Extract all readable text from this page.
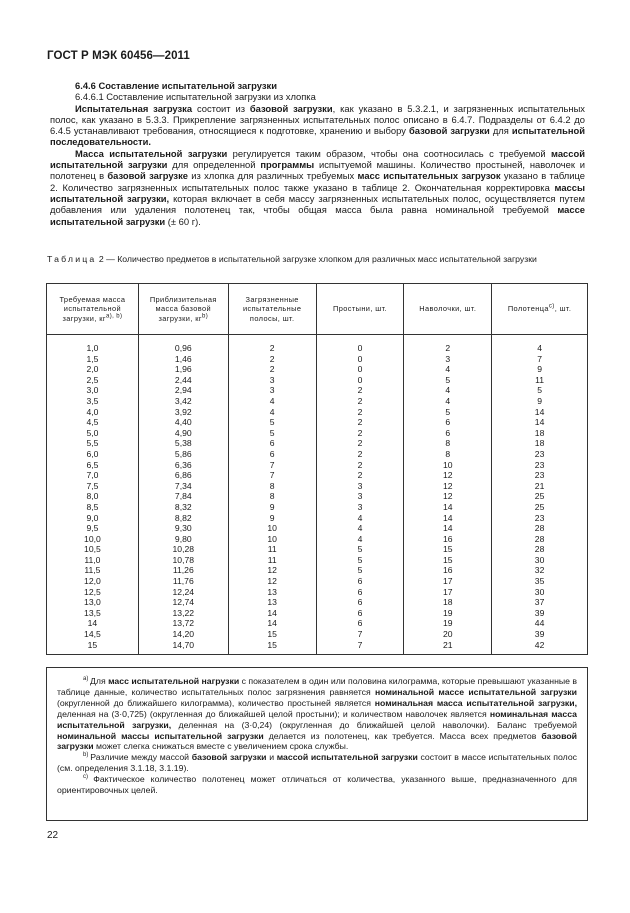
ГОСТ Р МЭК 60456—2011
6.4.6 Составление испытательной загрузки
6.4.6.1 Составление испытательной загрузки из хлопка

Испытательная загрузка состоит из базовой загрузки, как указано в 5.3.2.1, и загрязненных испытательных полос, как указано в 5.3.3. Прикрепление загрязненных испытательных полос описано в 6.4.7. Подразделы от 6.4.2 до 6.4.5 устанавливают требования, относящиеся к подготовке, хранению и выбору базовой загрузки для испытательной последовательности.

Масса испытательной загрузки регулируется таким образом, чтобы она соотносилась с требуемой массой испытательной загрузки для определенной программы испытуемой машины. Количество простыней, наволочек и полотенец в базовой загрузке из хлопка для различных требуемых масс испытательных загрузок указано в таблице 2. Количество загрязненных испытательных полос также указано в таблице 2. Окончательная корректировка массы испытательной загрузки, которая включает в себя массу загрязненных испытательных полос, осуществляется путем добавления или удаления полотенец так, чтобы общая масса была равна номинальной требуемой массе испытательной загрузки (± 60 г).

Таблица 2 — Количество предметов в испытательной загрузке хлопком для различных масс испытательной загрузки
Требуемая масса испытательной загрузки, $кг^{а), b)}$	Приблизительная масса базовой загрузки, $кг^{b)}$	Загрязненные испытательные полосы, шт.	Простыни, шт.	Наволочки, шт.	Полотенца$^{с)}$, шт.
1,0	0,96	2	0	2	4
1,5	1,46	2	0	3	7
2,0	1,96	2	0	4	9
2,5	2,44	3	0	5	11
3,0	2,94	3	2	4	5
3,5	3,42	4	2	4	9
4,0	3,92	4	2	5	14
4,5	4,40	5	2	6	14
5,0	4,90	5	2	6	18
5,5	5,38	6	2	8	18
6,0	5,86	6	2	8	23
6,5	6,36	7	2	10	23
7,0	6,86	7	2	12	23
7,5	7,34	8	3	12	21
8,0	7,84	8	3	12	25
8,5	8,32	9	3	14	25
9,0	8,82	9	4	14	23
9,5	9,30	10	4	14	28
10,0	9,80	10	4	16	28
10,5	10,28	11	5	15	28
11,0	10,78	11	5	15	30
11,5	11,26	12	5	16	32
12,0	11,76	12	6	17	35
12,5	12,24	13	6	17	30
13,0	12,74	13	6	18	37
13,5	13,22	14	6	19	39
14	13,72	14	6	19	44
14,5	14,20	15	7	20	39
15	14,70	15	7	21	42

$^{а)}$ Для масс испытательной нагрузки с показателем в один или половина килограмма, которые превышают указанные в таблице данные, количество испытательных полос загрязнения равняется номинальной массе испытательной загрузки (округленной до ближайшего килограмма), количество простыней является номинальная масса испытательной загрузки, деленная на (3·0,725) (округленная до ближайшей целой простыни); и количеством наволочек является номинальная масса испытательной загрузки, деленная на (3·0,24) (округленная до ближайшей целой наволочки). Баланс требуемой номинальной массы испытательной загрузки делается из полотенец, как требуется. Масса всех предметов базовой загрузки может слегка снижаться вместе с увеличением срока службы.

$^{b)}$ Различие между массой базовой загрузки и массой испытательной загрузки состоит в массе испытательных полос (см. определения 3.1.18, 3.1.19).

$^{с)}$ Фактическое количество полотенец может отличаться от количества, указанного выше, предназначенного для ориентировочных целей.

22
